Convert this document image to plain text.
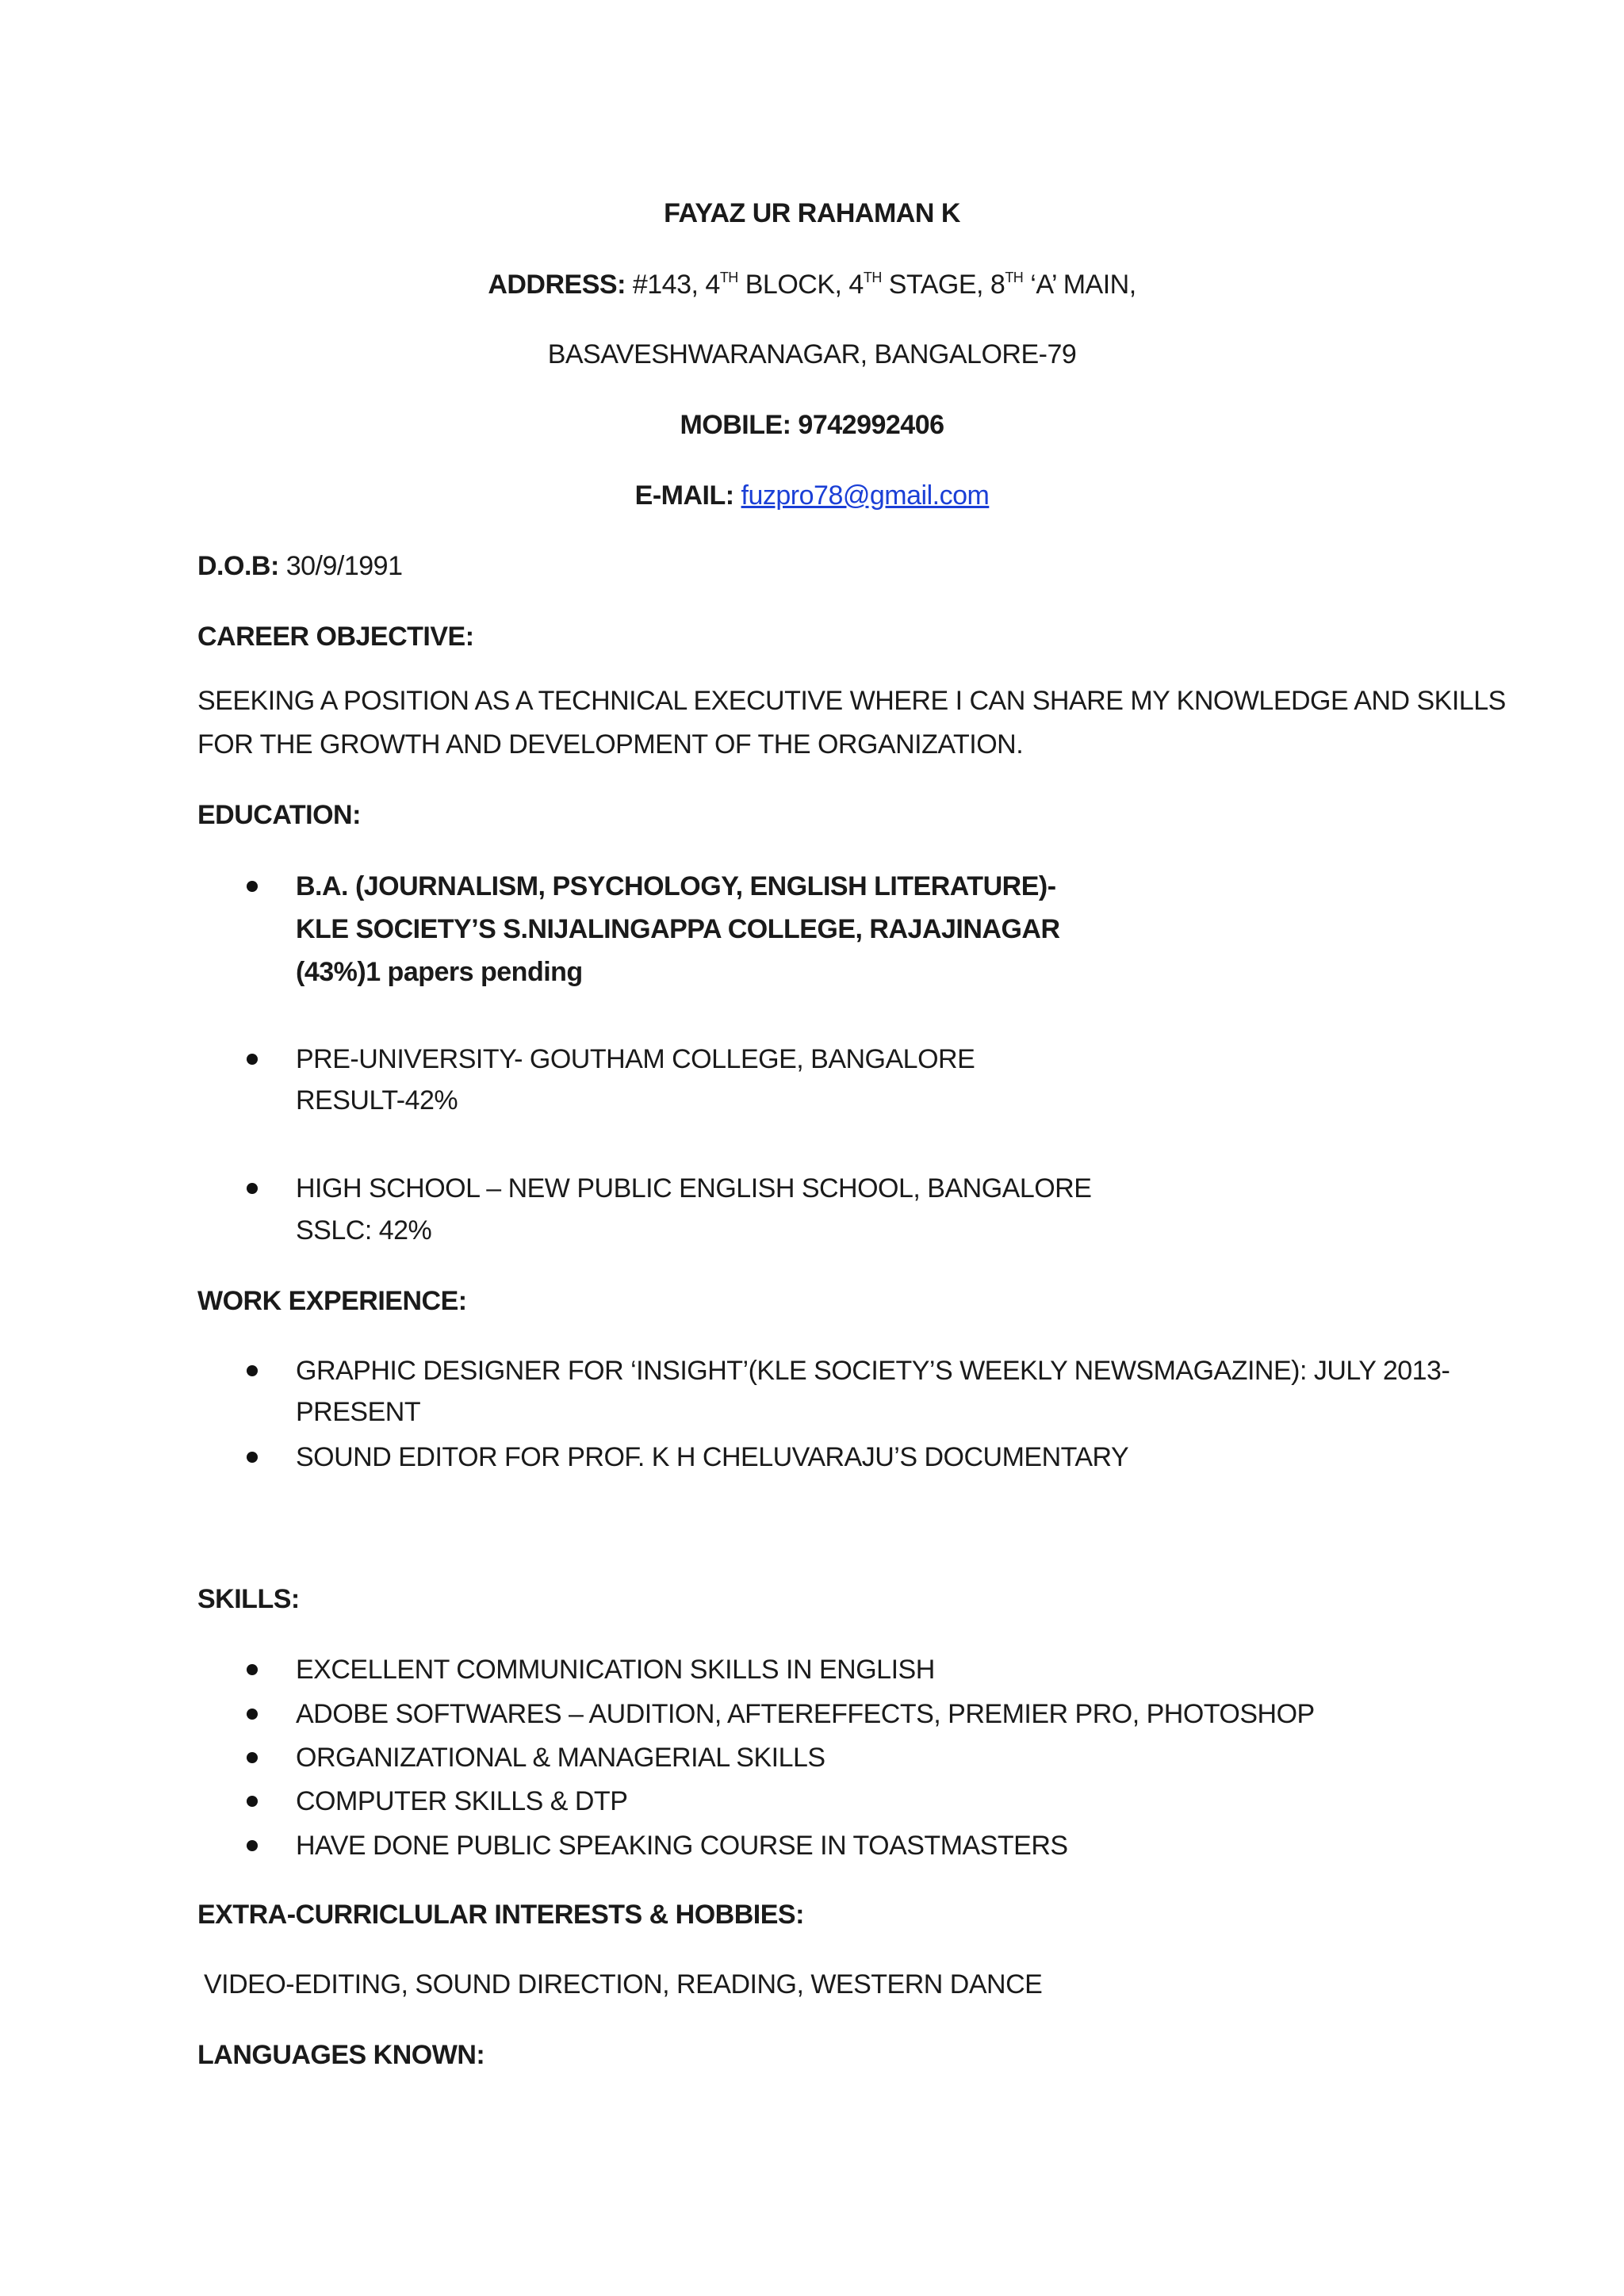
FAYAZ UR RAHAMAN K
ADDRESS: #143, 4TH BLOCK, 4TH STAGE, 8TH ‘A’ MAIN,
BASAVESHWARANAGAR, BANGALORE-79
MOBILE: 9742992406
E-MAIL: fuzpro78@gmail.com
D.O.B: 30/9/1991
CAREER OBJECTIVE:
SEEKING A POSITION AS A TECHNICAL EXECUTIVE WHERE I CAN SHARE MY KNOWLEDGE AND SKILLS
FOR THE GROWTH AND DEVELOPMENT OF THE ORGANIZATION.
EDUCATION:
B.A. (JOURNALISM, PSYCHOLOGY, ENGLISH LITERATURE)-
KLE SOCIETY’S S.NIJALINGAPPA COLLEGE, RAJAJINAGAR
(43%)1 papers pending
PRE-UNIVERSITY- GOUTHAM COLLEGE, BANGALORE
RESULT-42%
HIGH SCHOOL – NEW PUBLIC ENGLISH SCHOOL, BANGALORE
SSLC: 42%
WORK EXPERIENCE:
GRAPHIC DESIGNER FOR ‘INSIGHT’(KLE SOCIETY’S WEEKLY NEWSMAGAZINE): JULY 2013-
PRESENT
SOUND EDITOR FOR PROF. K H CHELUVARAJU’S DOCUMENTARY
SKILLS:
EXCELLENT COMMUNICATION SKILLS IN ENGLISH
ADOBE SOFTWARES – AUDITION, AFTEREFFECTS, PREMIER PRO, PHOTOSHOP
ORGANIZATIONAL & MANAGERIAL SKILLS
COMPUTER SKILLS & DTP
HAVE DONE PUBLIC SPEAKING COURSE IN TOASTMASTERS
EXTRA-CURRICLULAR INTERESTS & HOBBIES:
VIDEO-EDITING, SOUND DIRECTION, READING, WESTERN DANCE
LANGUAGES KNOWN:
